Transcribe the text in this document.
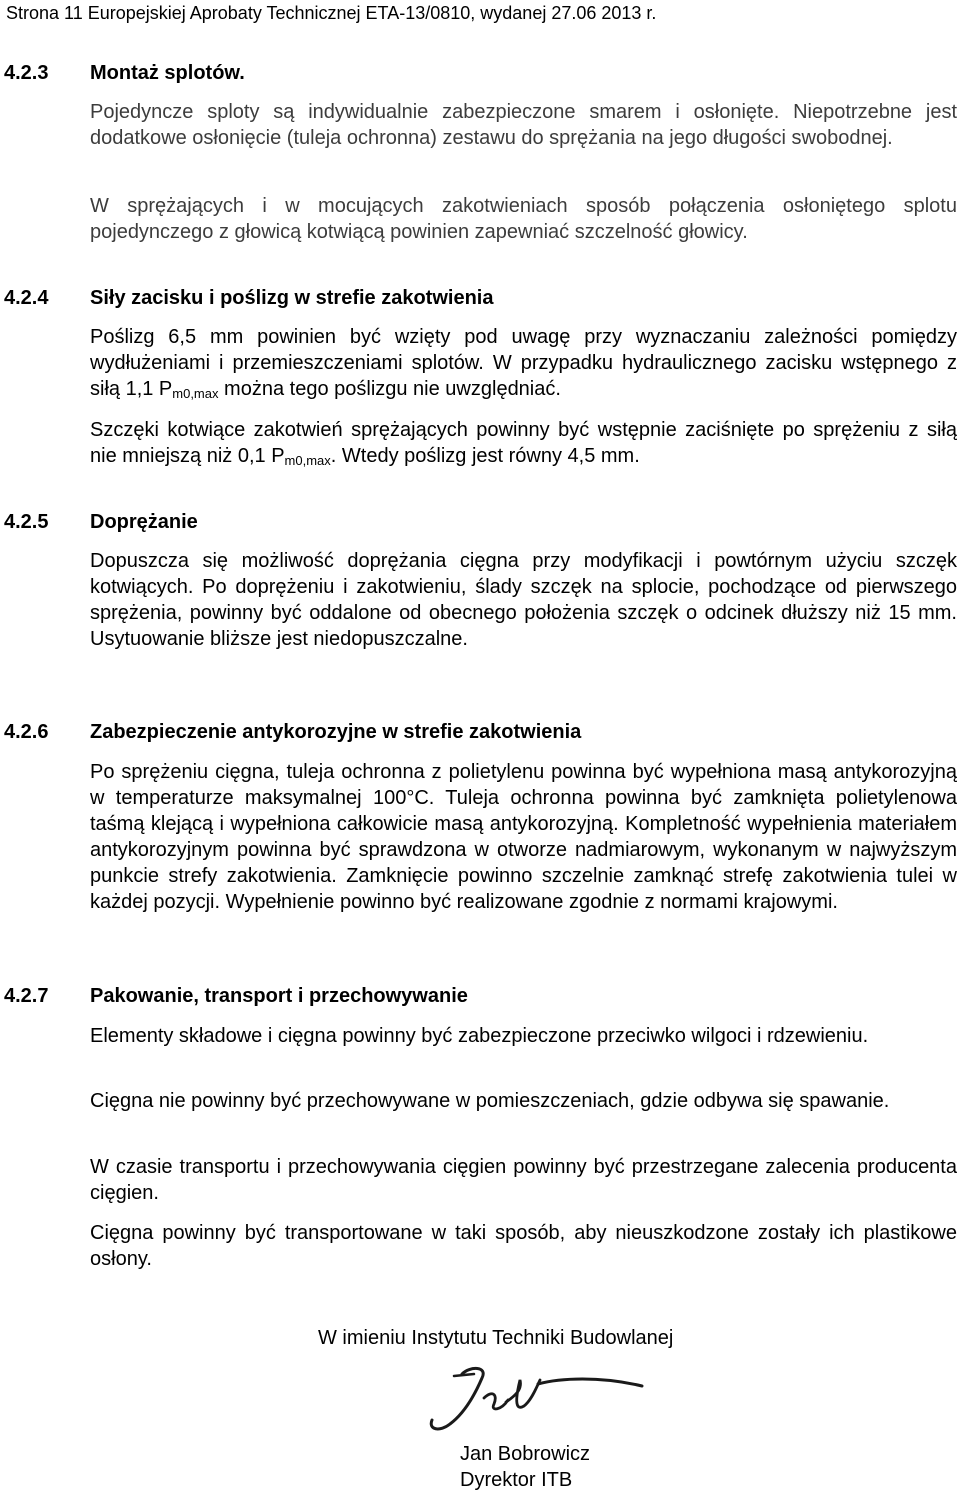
Strona 11 Europejskiej Aprobaty Technicznej ETA-13/0810, wydanej 27.06 2013 r.
4.2.3 Montaż splotów.
Pojedyncze sploty są indywidualnie zabezpieczone smarem i osłonięte. Niepotrzebne jest dodatkowe osłonięcie (tuleja ochronna) zestawu do sprężania na jego długości swobodnej.
W sprężających i w mocujących zakotwieniach sposób połączenia osłoniętego splotu pojedynczego z głowicą kotwiącą powinien zapewniać szczelność głowicy.
4.2.4 Siły zacisku i poślizg w strefie zakotwienia
Poślizg 6,5 mm powinien być wzięty pod uwagę przy wyznaczaniu zależności pomiędzy wydłużeniami i przemieszczeniami splotów. W przypadku hydraulicznego zacisku wstępnego z siłą 1,1 $P_{m0,max}$ można tego poślizgu nie uwzględniać.
Szczęki kotwiące zakotwień sprężających powinny być wstępnie zaciśnięte po sprężeniu z siłą nie mniejszą niż 0,1 $P_{m0,max}$. Wtedy poślizg jest równy 4,5 mm.
4.2.5 Doprężanie
Dopuszcza się możliwość doprężania cięgna przy modyfikacji i powtórnym użyciu szczęk kotwiących. Po doprężeniu i zakotwieniu, ślady szczęk na splocie, pochodzące od pierwszego sprężenia, powinny być oddalone od obecnego położenia szczęk o odcinek dłuższy niż 15 mm. Usytuowanie bliższe jest niedopuszczalne.
4.2.6 Zabezpieczenie antykorozyjne w strefie zakotwienia
Po sprężeniu cięgna, tuleja ochronna z polietylenu powinna być wypełniona masą antykorozyjną w temperaturze maksymalnej 100°C. Tuleja ochronna powinna być zamknięta polietylenowa taśmą klejącą i wypełniona całkowicie masą antykorozyjną. Kompletność wypełnienia materiałem antykorozyjnym powinna być sprawdzona w otworze nadmiarowym, wykonanym w najwyższym punkcie strefy zakotwienia. Zamknięcie powinno szczelnie zamknąć strefę zakotwienia tulei w każdej pozycji. Wypełnienie powinno być realizowane zgodnie z normami krajowymi.
4.2.7 Pakowanie, transport i przechowywanie
Elementy składowe i cięgna powinny być zabezpieczone przeciwko wilgoci i rdzewieniu.
Cięgna nie powinny być przechowywane w pomieszczeniach, gdzie odbywa się spawanie.
W czasie transportu i przechowywania cięgien powinny być przestrzegane zalecenia producenta cięgien.
Cięgna powinny być transportowane w taki sposób, aby nieuszkodzone zostały ich plastikowe osłony.
W imieniu Instytutu Techniki Budowlanej
Jan Bobrowicz
Dyrektor ITB
